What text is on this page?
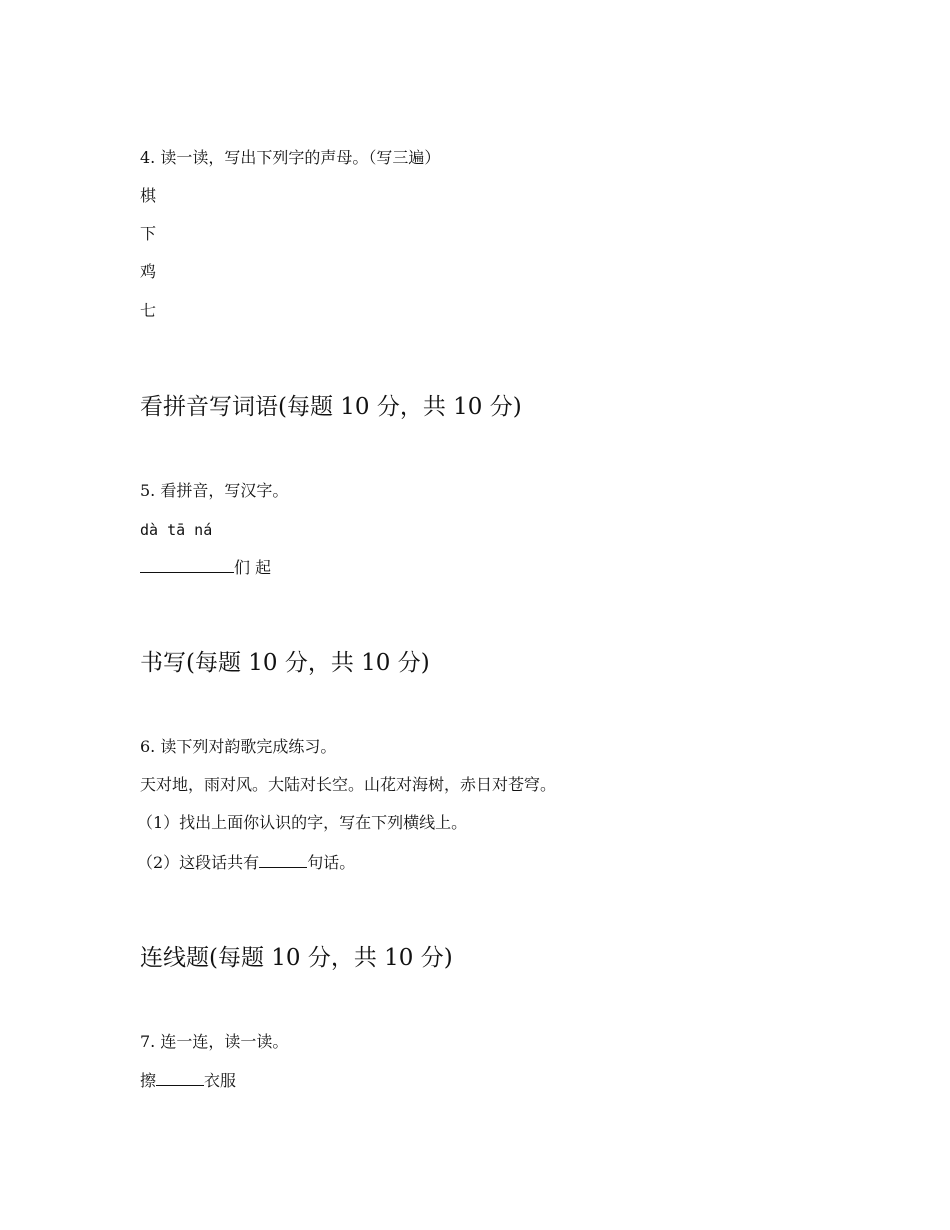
4. 读一读，写出下列字的声母。（写三遍）
棋
下
鸡
七
看拼音写词语(每题 10 分，共 10 分)
5. 看拼音，写汉字。
dà tā ná
们 起
书写(每题 10 分，共 10 分)
6. 读下列对韵歌完成练习。
天对地，雨对风。大陆对长空。山花对海树，赤日对苍穹。
（1）找出上面你认识的字，写在下列横线上。
（2）这段话共有	句话。
连线题(每题 10 分，共 10 分)
7. 连一连，读一读。
擦	衣服
